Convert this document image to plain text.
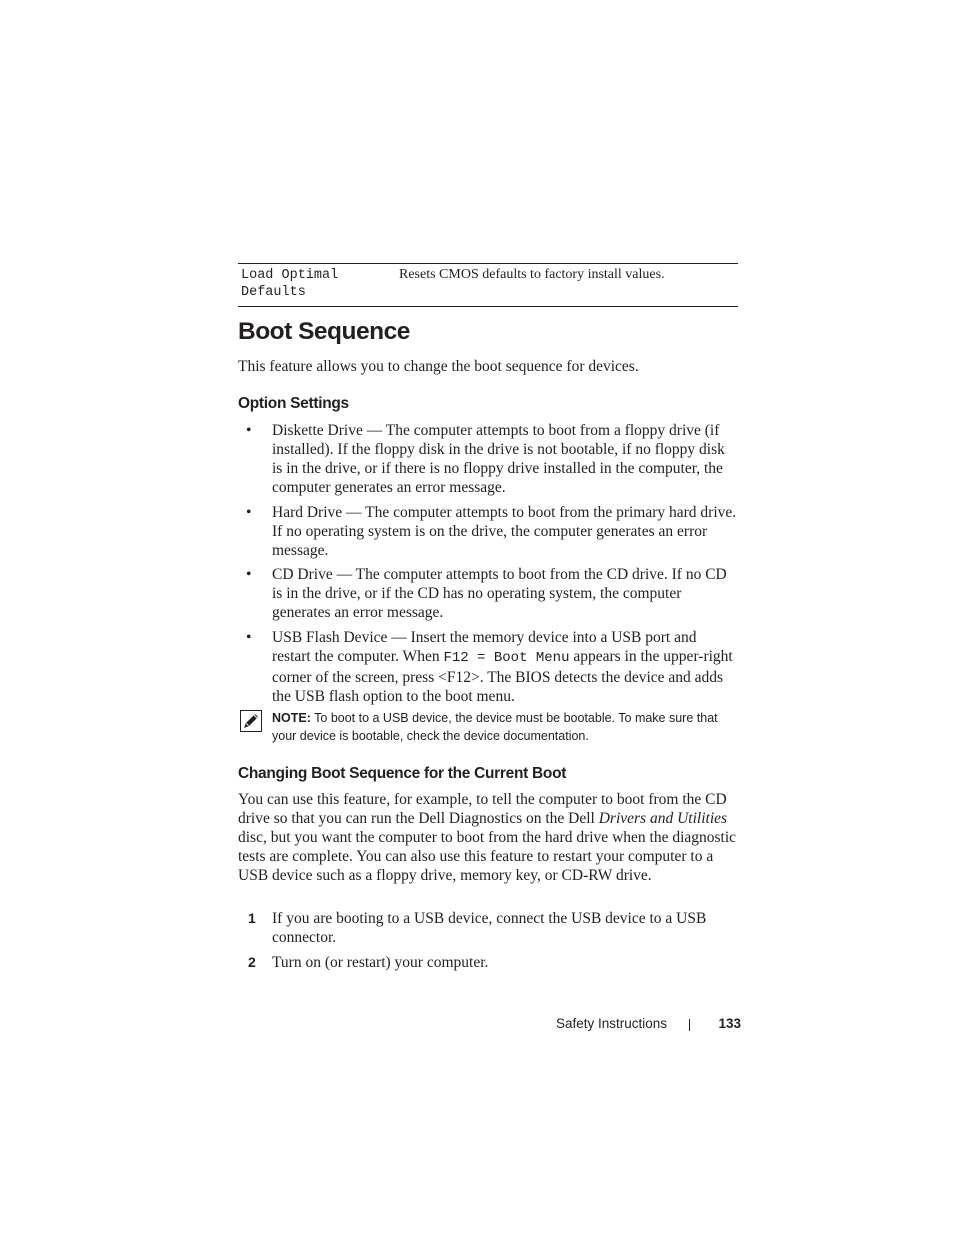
Load Optimal
Defaults
Resets CMOS defaults to factory install values.
Boot Sequence

This feature allows you to change the boot sequence for devices.

Option Settings
• Diskette Drive — The computer attempts to boot from a floppy drive (if installed). If the floppy disk in the drive is not bootable, if no floppy disk is in the drive, or if there is no floppy drive installed in the computer, the computer generates an error message.
• Hard Drive — The computer attempts to boot from the primary hard drive. If no operating system is on the drive, the computer generates an error message.
• CD Drive — The computer attempts to boot from the CD drive. If no CD is in the drive, or if the CD has no operating system, the computer generates an error message.
• USB Flash Device — Insert the memory device into a USB port and restart the computer. When F12 = Boot Menu appears in the upper-right corner of the screen, press <F12>. The BIOS detects the device and adds the USB flash option to the boot menu.
NOTE: To boot to a USB device, the device must be bootable. To make sure that your device is bootable, check the device documentation.
Changing Boot Sequence for the Current Boot

You can use this feature, for example, to tell the computer to boot from the CD drive so that you can run the Dell Diagnostics on the Dell Drivers and Utilities disc, but you want the computer to boot from the hard drive when the diagnostic tests are complete. You can also use this feature to restart your computer to a USB device such as a floppy drive, memory key, or CD-RW drive.

1 If you are booting to a USB device, connect the USB device to a USB connector.
2 Turn on (or restart) your computer.
Safety Instructions	133
